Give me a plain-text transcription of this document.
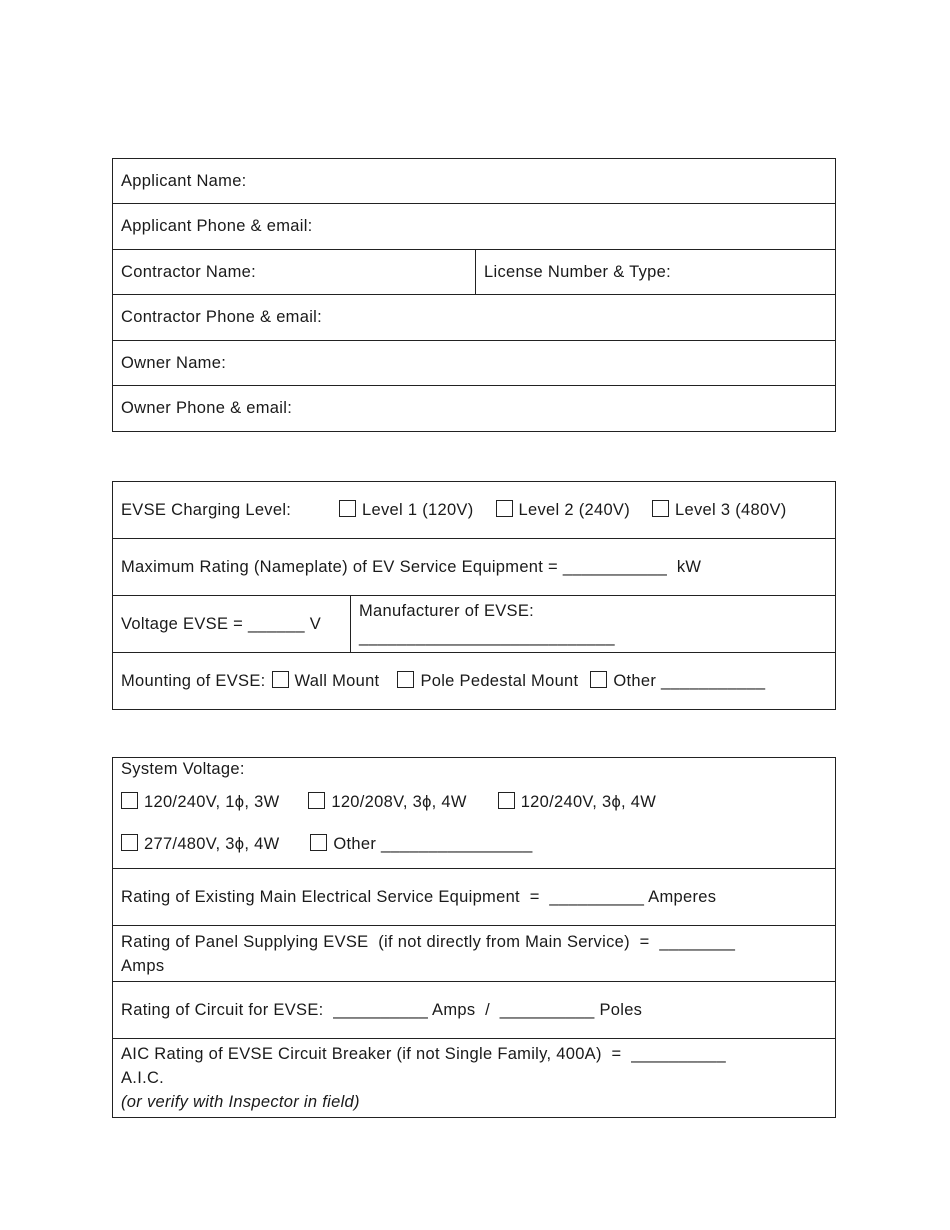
Applicant Name:
Applicant Phone & email:
Contractor Name:	License Number & Type:
Contractor Phone & email:
Owner Name:
Owner Phone & email:
EVSE Charging Level:	Level 1 (120V)	Level 2 (240V)	Level 3 (480V)
Maximum Rating (Nameplate) of EV Service Equipment = ___________  kW
Voltage EVSE = ______ V
Manufacturer of EVSE:
___________________________
Mounting of EVSE:	Wall Mount	Pole Pedestal Mount	Other ___________
System Voltage:
120/240V, 1ϕ, 3W	120/208V, 3ϕ, 4W	120/240V, 3ϕ, 4W
277/480V, 3ϕ, 4W	Other ________________
Rating of Existing Main Electrical Service Equipment  =  __________ Amperes
Rating of Panel Supplying EVSE  (if not directly from Main Service)  =  ________
Amps
Rating of Circuit for EVSE:  __________ Amps  /  __________ Poles
AIC Rating of EVSE Circuit Breaker (if not Single Family, 400A)  =  __________
A.I.C.
(or verify with Inspector in field)
